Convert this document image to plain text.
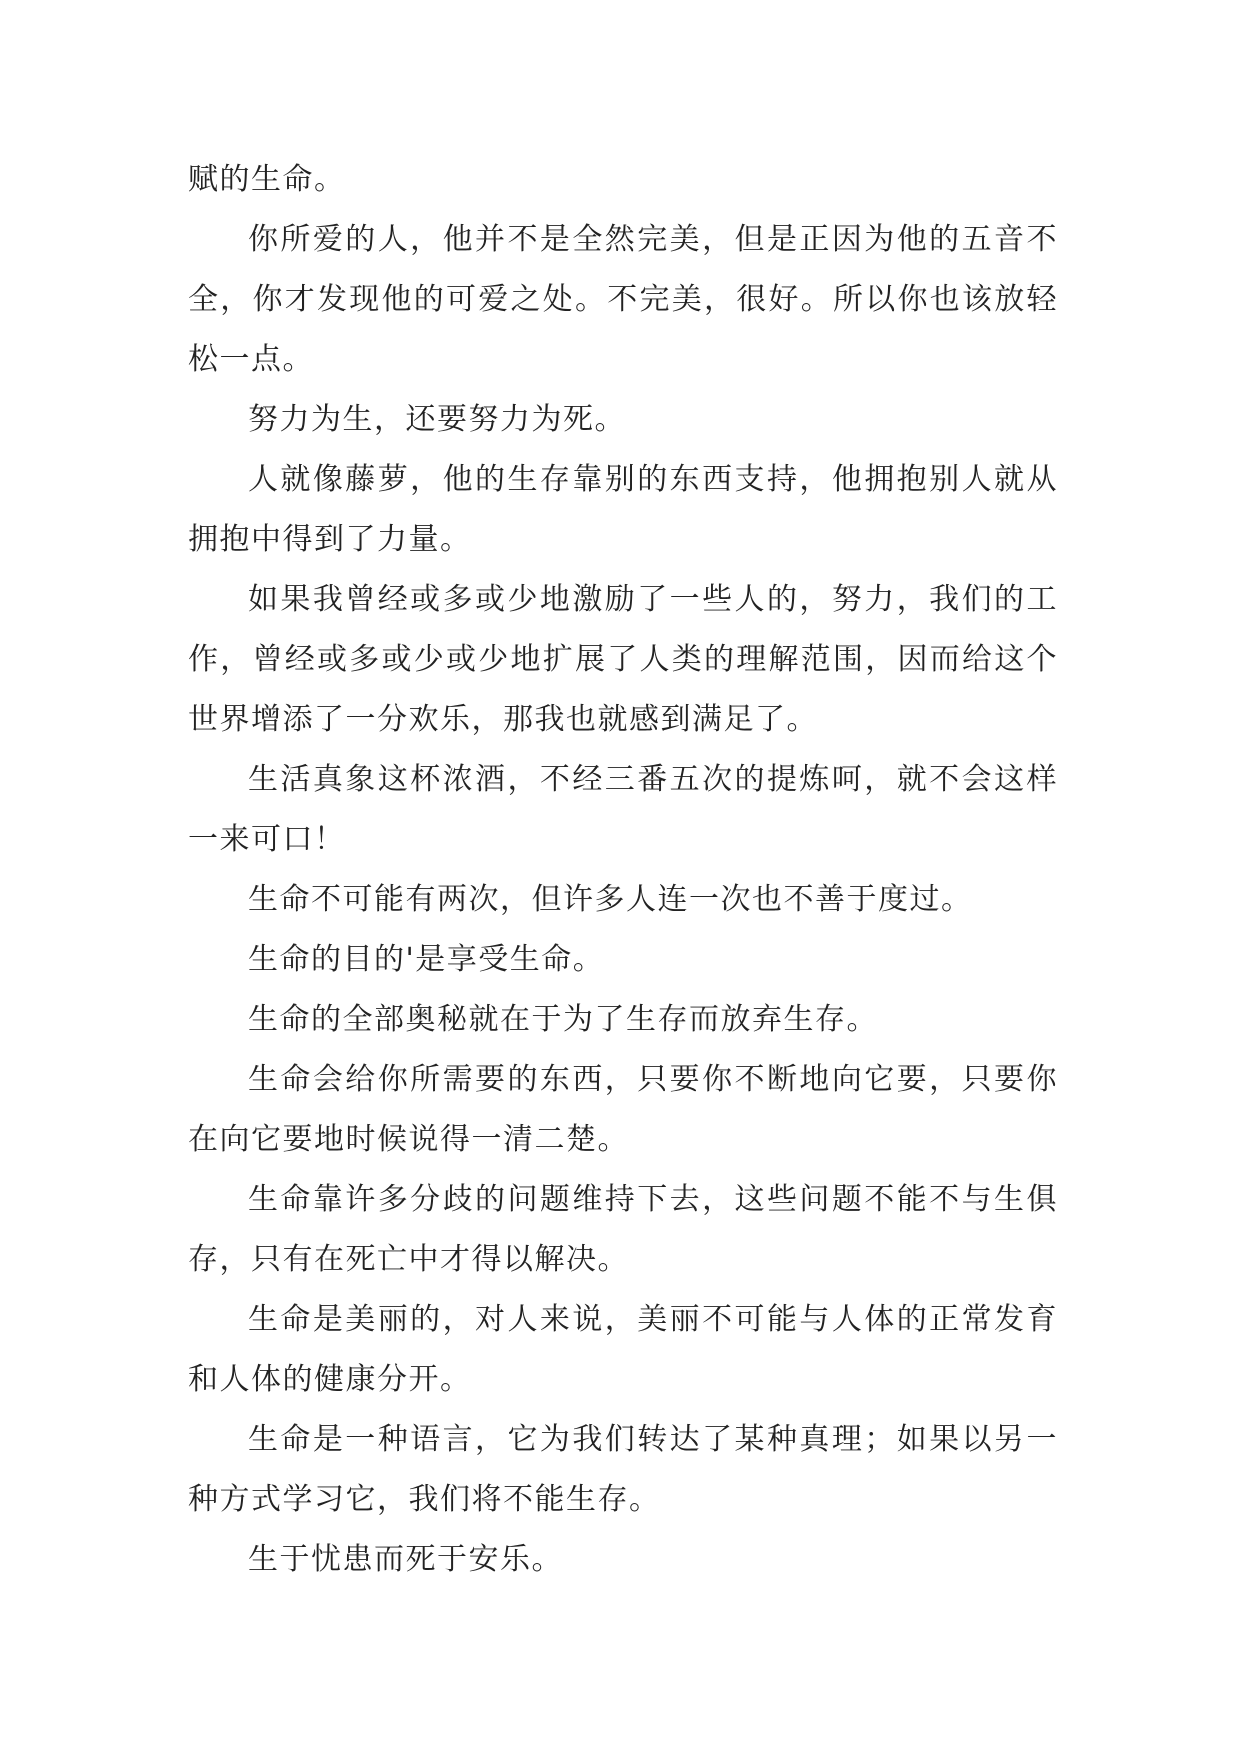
赋的生命。

你所爱的人，他并不是全然完美，但是正因为他的五音不全，你才发现他的可爱之处。不完美，很好。所以你也该放轻松一点。

努力为生，还要努力为死。

人就像藤萝，他的生存靠别的东西支持，他拥抱别人就从拥抱中得到了力量。

如果我曾经或多或少地激励了一些人的，努力，我们的工作，曾经或多或少或少地扩展了人类的理解范围，因而给这个世界增添了一分欢乐，那我也就感到满足了。

生活真象这杯浓酒，不经三番五次的提炼呵，就不会这样一来可口！

生命不可能有两次，但许多人连一次也不善于度过。

生命的目的'是享受生命。

生命的全部奥秘就在于为了生存而放弃生存。

生命会给你所需要的东西，只要你不断地向它要，只要你在向它要地时候说得一清二楚。

生命靠许多分歧的问题维持下去，这些问题不能不与生俱存，只有在死亡中才得以解决。

生命是美丽的，对人来说，美丽不可能与人体的正常发育和人体的健康分开。

生命是一种语言，它为我们转达了某种真理；如果以另一种方式学习它，我们将不能生存。

生于忧患而死于安乐。
